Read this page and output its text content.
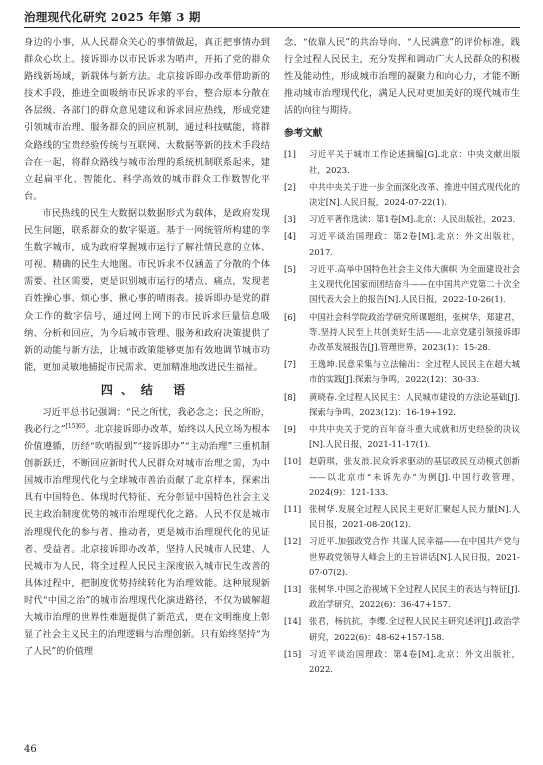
治理现代化研究 2025 年第 3 期

身边的小事，从人民群众关心的事情做起，真正把事情办到群众心坎上。接诉即办以市民诉求为哨声，开拓了党的群众路线新场域，新载体与新方法。北京接诉即办改革借助新的技术手段，推进全面吸纳市民诉求的平台，整合原本分散在各层级、各部门的群众意见建议和诉求回应热线，形成党建引领城市治理、服务群众的回应机制，通过科技赋能，将群众路线的宝贵经验传统与互联网、大数据等新的技术手段结合在一起，将群众路线与城市治理的系统机制联系起来，建立起扁平化、智能化、科学高效的城市群众工作数智化平台。

市民热线的民生大数据以数据形式为载体，是政府发现民生问题，联系群众的数字渠道。基于一网统管所构建的孪生数字城市，成为政府掌握城市运行了解社情民意的立体、可视、精确的民生大地图。市民诉求不仅涵盖了分散的个体需要、社区需要，更是识别城市运行的堵点、痛点，发现老百姓操心事、烦心事、揪心事的晴雨表。接诉即办是党的群众工作的数字信号，通过网上网下的市民诉求巨量信息吸纳、分析和回应，为今后城市管理、服务和政府决策提供了新的动能与新方法，让城市政策能够更加有效地调节城市功能，更加灵敏地捕捉市民需求、更加精准地改进民生福祉。

四、结 语

习近平总书记强调：“民之所忧，我必念之；民之所盼，我必行之”$^{[15]65}$。北京接诉即办改革，始终以人民立场为根本价值遵循，历经“吹哨报到”“接诉即办”“主动治理”三重机制创新跃迁，不断回应新时代人民群众对城市治理之需，为中国城市治理现代化与全球城市善治贡献了北京样本，探索出具有中国特色、体现时代特征、充分彰显中国特色社会主义民主政治制度优势的城市治理现代化之路。人民不仅是城市治理现代化的参与者、推动者，更是城市治理现代化的见证者、受益者。北京接诉即办改革，坚持人民城市人民建、人民城市为人民，将全过程人民民主深度嵌入城市民生改善的具体过程中，把制度优势持续转化为治理效能。这种展现新时代“中国之治”的城市治理现代化演进路径，不仅为破解超大城市治理的世界性难题提供了新范式，更在文明维度上彰显了社会主义民主的治理逻辑与治理创新。只有始终坚持“为了人民”的价值理

念、“依靠人民”的共治导向、“人民满意”的评价标准，践行全过程人民民主，充分发挥和调动广大人民群众的积极性及能动性，形成城市治理的凝聚力和向心力，才能不断推动城市治理现代化，满足人民对更加美好的现代城市生活的向往与期待。

参考文献
[1] 习近平关于城市工作论述摘编[G].北京：中央文献出版社，2023.
[2] 中共中央关于进一步全面深化改革、推进中国式现代化的决定[N].人民日报，2024-07-22(1).
[3] 习近平著作选读：第1卷[M].北京：人民出版社，2023.
[4] 习近平谈治国理政：第2卷[M].北京：外文出版社，2017.
[5] 习近平.高举中国特色社会主义伟大旗帜 为全面建设社会主义现代化国家而团结奋斗——在中国共产党第二十次全国代表大会上的报告[N].人民日报，2022-10-26(1).
[6] 中国社会科学院政治学研究所课题组，张树华，郑建君，等.坚持人民至上共创美好生活——北京党建引领接诉即办改革发展报告[J].管理世界，2023(1)：15-28.
[7] 王逸坤.民意采集与立法输出：全过程人民民主在超大城市的实践[J].探索与争鸣，2022(12)：30-33.
[8] 黄晓春.全过程人民民主：人民城市建设的方法论基础[J].探索与争鸣，2023(12)：16-19+192.
[9] 中共中央关于党的百年奋斗重大成就和历史经验的决议[N].人民日报，2021-11-17(1).
[10] 赵蔚琪，张友浪.民众诉求驱动的基层政民互动模式创新——以北京市“未诉先办”为例[J].中国行政管理，2024(9)：121-133.
[11] 张树华.发展全过程人民民主更好汇聚起人民力量[N].人民日报，2021-08-20(12).
[12] 习近平.加强政党合作 共谋人民幸福——在中国共产党与世界政党领导人峰会上的主旨讲话[N].人民日报，2021-07-07(2).
[13] 张树华.中国之治视域下全过程人民民主的表达与特征[J].政治学研究，2022(6)：36-47+157.
[14] 张君，杨抗抗，李缨.全过程人民民主研究述评[J].政治学研究，2022(6)：48-62+157-158.
[15] 习近平谈治国理政：第4卷[M].北京：外文出版社，2022.
46
